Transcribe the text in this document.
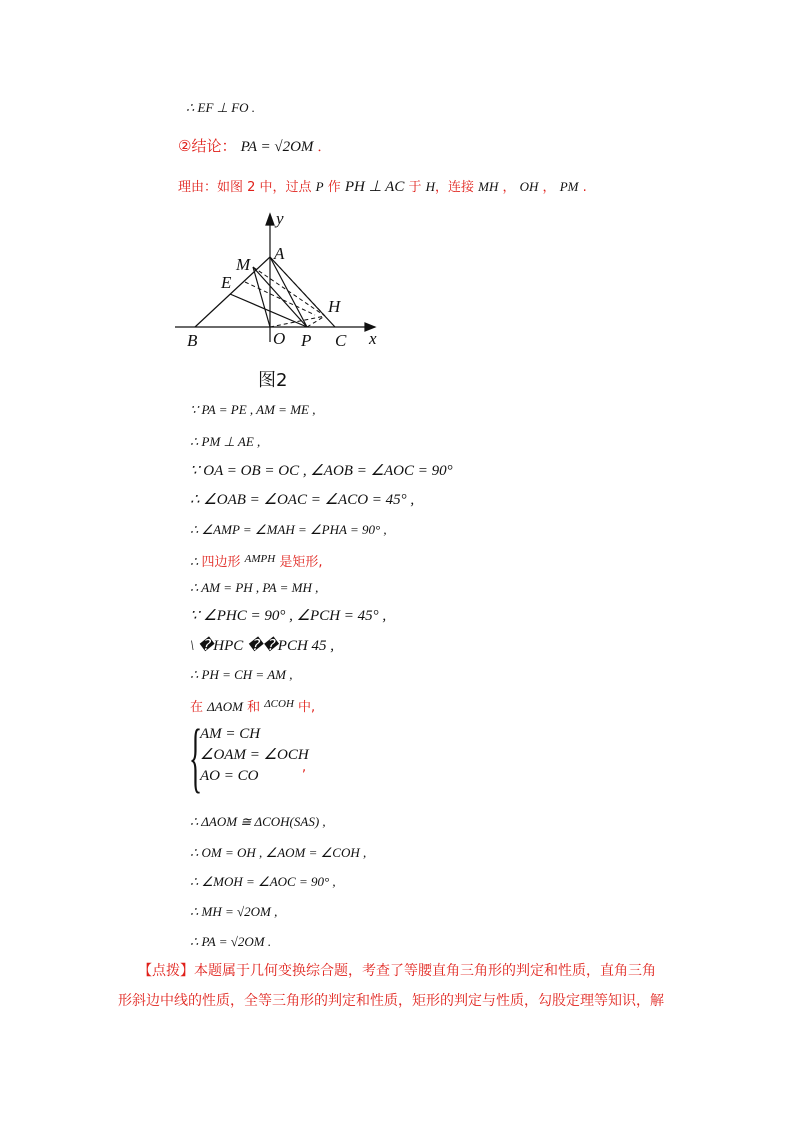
∴ EF ⊥ FO .
②结论： PA = √2OM ．
理由：如图 2 中，过点 P 作 PH ⊥ AC 于 H，连接 MH ， OH ， PM .
y
x
A
M
E
H
B	O P C
图2
∵ PA = PE , AM = ME ,
∴ PM ⊥ AE ,
∵ OA = OB = OC , ∠AOB = ∠AOC = 90°
∴ ∠OAB = ∠OAC = ∠ACO = 45° ,
∴ ∠AMP = ∠MAH = ∠PHA = 90° ,
∴ 四边形 $^{AMPH}$ 是矩形,
∴ AM = PH , PA = MH ,
∵ ∠PHC = 90° , ∠PCH = 45° ,
\ �HPC ��PCH 45 ,
∴ PH = CH = AM ,
在 ΔAOM 和 $^{\Delta COH}$ 中,
{
AM = CH
∠OAM = ∠OCH
AO = CO
,
∴ ΔAOM ≅ ΔCOH(SAS) ,
∴ OM = OH , ∠AOM = ∠COH ,
∴ ∠MOH = ∠AOC = 90° ,
∴ MH = √2OM ,
∴ PA = √2OM .
【点拨】本题属于几何变换综合题，考查了等腰直角三角形的判定和性质，直角三角
形斜边中线的性质，全等三角形的判定和性质，矩形的判定与性质，勾股定理等知识，解
